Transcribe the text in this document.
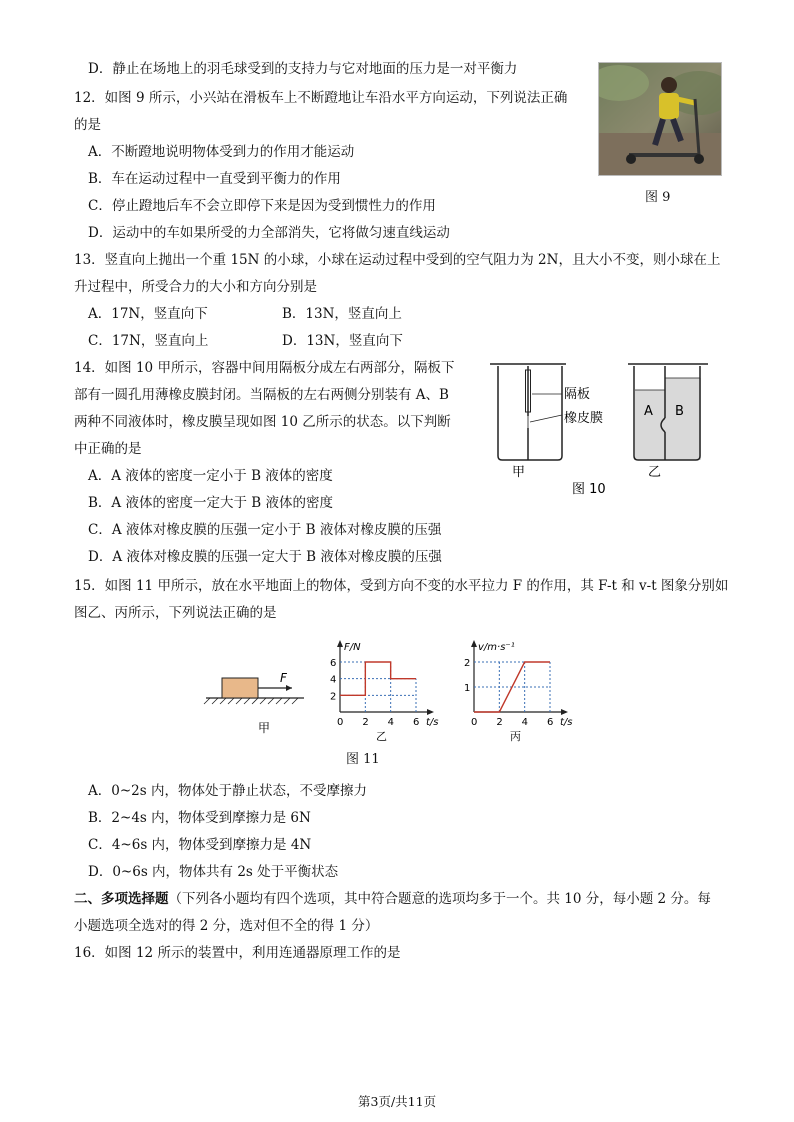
D．静止在场地上的羽毛球受到的支持力与它对地面的压力是一对平衡力
12．如图 9 所示，小兴站在滑板车上不断蹬地让车沿水平方向运动，下列说法正确
的是
A．不断蹬地说明物体受到力的作用才能运动
B．车在运动过程中一直受到平衡力的作用
C．停止蹬地后车不会立即停下来是因为受到惯性力的作用
D．运动中的车如果所受的力全部消失，它将做匀速直线运动
图 9
13．竖直向上抛出一个重 15N 的小球，小球在运动过程中受到的空气阻力为 2N，且大小不变，则小球在上
升过程中，所受合力的大小和方向分别是
A．17N，竖直向下	B．13N，竖直向上
C．17N，竖直向上	D．13N，竖直向下
14．如图 10 甲所示，容器中间用隔板分成左右两部分，隔板下
部有一圆孔用薄橡皮膜封闭。当隔板的左右两侧分别装有 A、B
两种不同液体时，橡皮膜呈现如图 10 乙所示的状态。以下判断
中正确的是
A．A 液体的密度一定小于 B 液体的密度
B．A 液体的密度一定大于 B 液体的密度
C．A 液体对橡皮膜的压强一定小于 B 液体对橡皮膜的压强
D．A 液体对橡皮膜的压强一定大于 B 液体对橡皮膜的压强
隔板
橡皮膜
甲
A B
乙
图 10
15．如图 11 甲所示，放在水平地面上的物体，受到方向不变的水平拉力 F 的作用，其 F-t 和 v-t 图象分别如
图乙、丙所示，下列说法正确的是
F
甲
F/N
t/s
2
4
6
0 2 4 6
乙
v/m·s⁻¹
t/s
1
2
0 2 4 6
丙
图 11
A．0~2s 内，物体处于静止状态，不受摩擦力
B．2~4s 内，物体受到摩擦力是 6N
C．4~6s 内，物体受到摩擦力是 4N
D．0~6s 内，物体共有 2s 处于平衡状态
二、多项选择题（下列各小题均有四个选项，其中符合题意的选项均多于一个。共 10 分，每小题 2 分。每
小题选项全选对的得 2 分，选对但不全的得 1 分）
16．如图 12 所示的装置中，利用连通器原理工作的是
第3页/共11页
